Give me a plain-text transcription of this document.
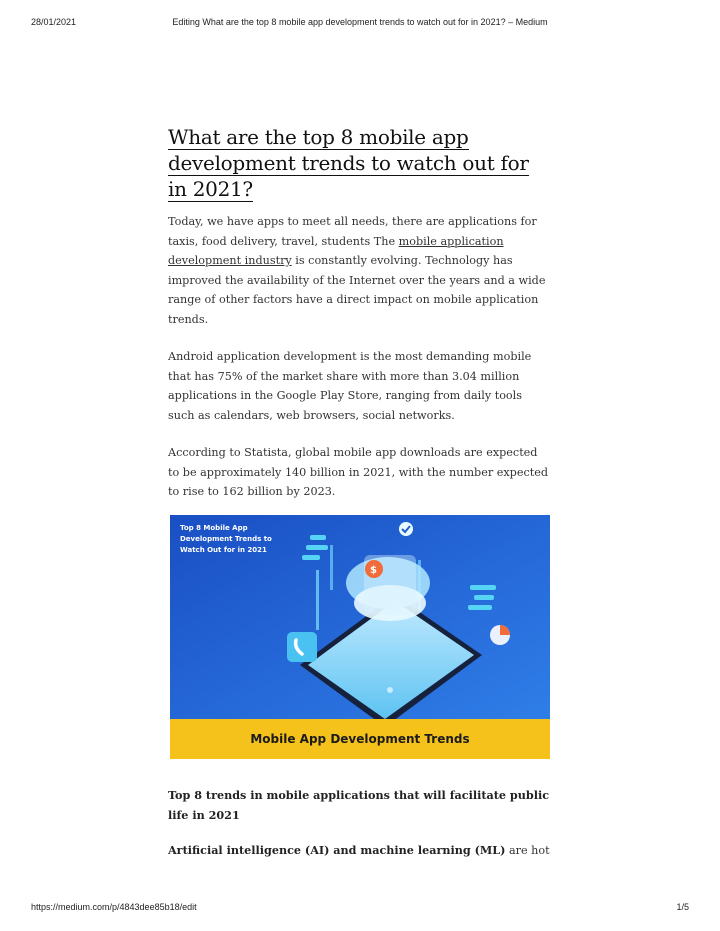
28/01/2021	Editing What are the top 8 mobile app development trends to watch out for in 2021? – Medium
What are the top 8 mobile app development trends to watch out for in 2021?

Today, we have apps to meet all needs, there are applications for taxis, food delivery, travel, students The mobile application development industry is constantly evolving. Technology has improved the availability of the Internet over the years and a wide range of other factors have a direct impact on mobile application trends.

Android application development is the most demanding mobile that has 75% of the market share with more than 3.04 million applications in the Google Play Store, ranging from daily tools such as calendars, web browsers, social networks.

According to Statista, global mobile app downloads are expected to be approximately 140 billion in 2021, with the number expected to rise to 162 billion by 2023.

$
Top 8 Mobile App
Development Trends to
Watch Out for in 2021
Mobile App Development Trends

Top 8 trends in mobile applications that will facilitate public life in 2021

Artificial intelligence (AI) and machine learning (ML) are hot

https://medium.com/p/4843dee85b18/edit	1/5
